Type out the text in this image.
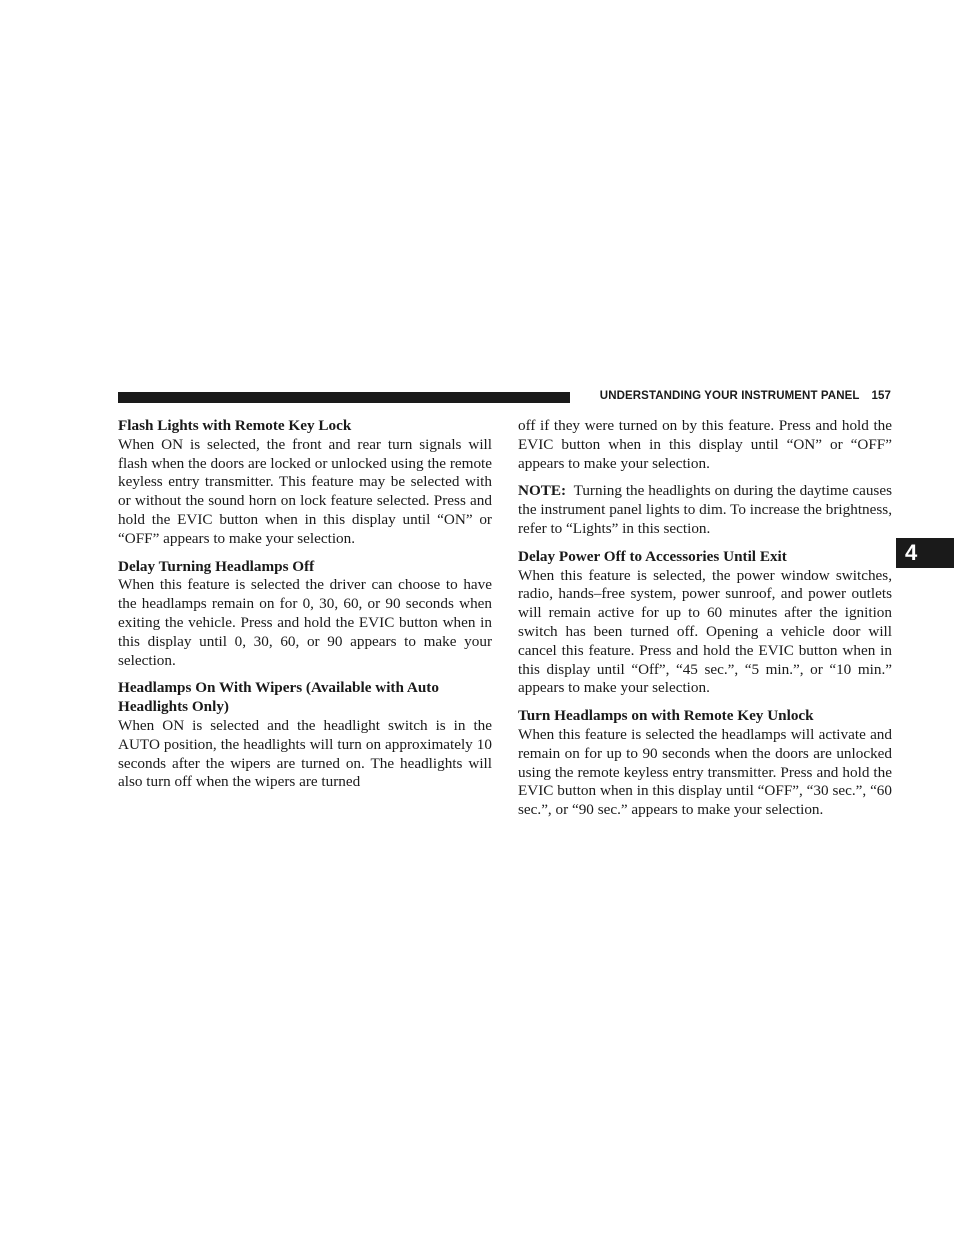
UNDERSTANDING YOUR INSTRUMENT PANEL 157
4
Flash Lights with Remote Key Lock

When ON is selected, the front and rear turn signals will flash when the doors are locked or unlocked using the remote keyless entry transmitter. This feature may be selected with or without the sound horn on lock feature selected. Press and hold the EVIC button when in this display until “ON” or “OFF” appears to make your selection.

Delay Turning Headlamps Off

When this feature is selected the driver can choose to have the headlamps remain on for 0, 30, 60, or 90 seconds when exiting the vehicle. Press and hold the EVIC button when in this display until 0, 30, 60, or 90 appears to make your selection.

Headlamps On With Wipers (Available with Auto Headlights Only)

When ON is selected and the headlight switch is in the AUTO position, the headlights will turn on approximately 10 seconds after the wipers are turned on. The headlights will also turn off when the wipers are turned

off if they were turned on by this feature. Press and hold the EVIC button when in this display until “ON” or “OFF” appears to make your selection.

NOTE: Turning the headlights on during the daytime causes the instrument panel lights to dim. To increase the brightness, refer to “Lights” in this section.

Delay Power Off to Accessories Until Exit

When this feature is selected, the power window switches, radio, hands–free system, power sunroof, and power outlets will remain active for up to 60 minutes after the ignition switch has been turned off. Opening a vehicle door will cancel this feature. Press and hold the EVIC button when in this display until “Off”, “45 sec.”, “5 min.”, or “10 min.” appears to make your selection.

Turn Headlamps on with Remote Key Unlock

When this feature is selected the headlamps will activate and remain on for up to 90 seconds when the doors are unlocked using the remote keyless entry transmitter. Press and hold the EVIC button when in this display until “OFF”, “30 sec.”, “60 sec.”, or “90 sec.” appears to make your selection.
